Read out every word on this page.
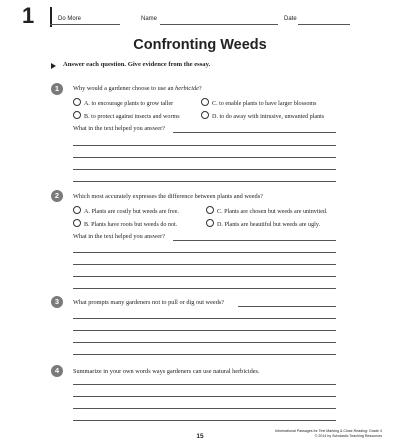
1	Do More	Name	Date
Confronting Weeds
Answer each question. Give evidence from the essay.
1	Why would a gardener choose to use an herbicide?
A. to encourage plants to grow taller	C. to enable plants to have larger blossoms
B. to protect against insects and worms	D. to do away with intrusive, unwanted plants
What in the text helped you answer?
2	Which most accurately expresses the difference between plants and weeds?
A. Plants are costly but weeds are free.	C. Plants are chosen but weeds are uninvited.
B. Plants have roots but weeds do not.	D. Plants are beautiful but weeds are ugly.
What in the text helped you answer?
3	What prompts many gardeners not to pull or dig out weeds?
4	Summarize in your own words ways gardeners can use natural herbicides.
15
Informational Passages for Text Marking & Close Reading: Grade 4
© 2014 by Scholastic Teaching Resources
